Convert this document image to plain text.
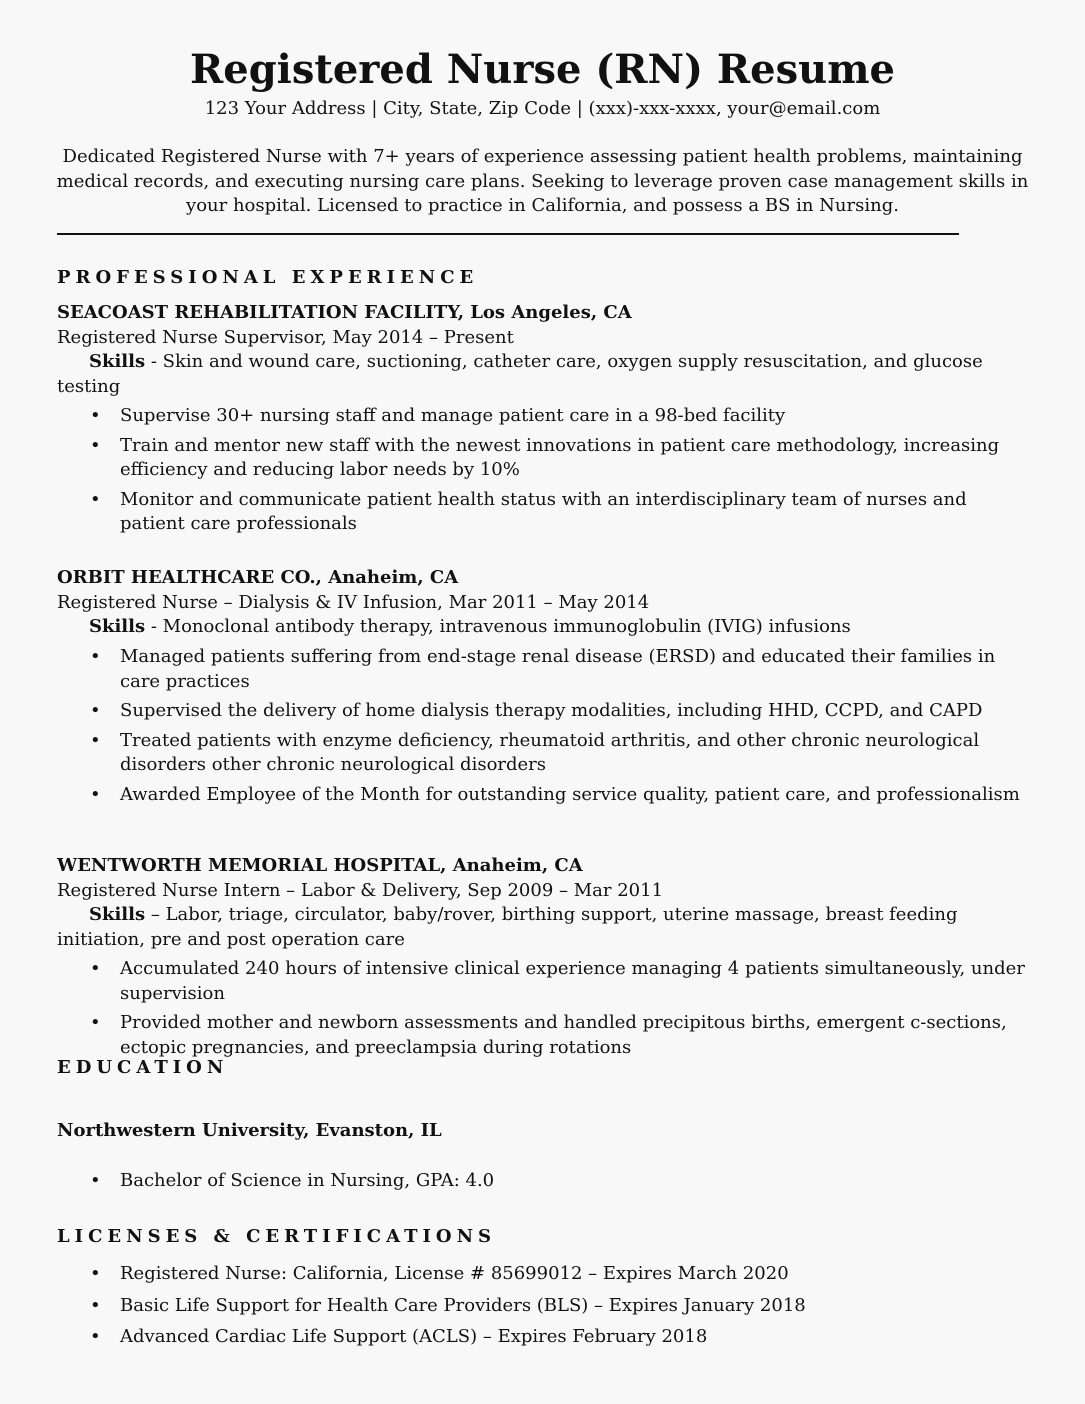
Registered Nurse (RN) Resume
123 Your Address | City, State, Zip Code | (xxx)-xxx-xxxx, your@email.com
Dedicated Registered Nurse with 7+ years of experience assessing patient health problems, maintaining medical records, and executing nursing care plans. Seeking to leverage proven case management skills in your hospital. Licensed to practice in California, and possess a BS in Nursing.
PROFESSIONAL EXPERIENCE
SEACOAST REHABILITATION FACILITY, Los Angeles, CA
Registered Nurse Supervisor, May 2014 – Present
Skills - Skin and wound care, suctioning, catheter care, oxygen supply resuscitation, and glucose testing
• Supervise 30+ nursing staff and manage patient care in a 98-bed facility
• Train and mentor new staff with the newest innovations in patient care methodology, increasing efficiency and reducing labor needs by 10%
• Monitor and communicate patient health status with an interdisciplinary team of nurses and patient care professionals
ORBIT HEALTHCARE CO., Anaheim, CA
Registered Nurse – Dialysis & IV Infusion, Mar 2011 – May 2014
Skills - Monoclonal antibody therapy, intravenous immunoglobulin (IVIG) infusions
• Managed patients suffering from end-stage renal disease (ERSD) and educated their families in care practices
• Supervised the delivery of home dialysis therapy modalities, including HHD, CCPD, and CAPD
• Treated patients with enzyme deficiency, rheumatoid arthritis, and other chronic neurological disorders other chronic neurological disorders
• Awarded Employee of the Month for outstanding service quality, patient care, and professionalism
WENTWORTH MEMORIAL HOSPITAL, Anaheim, CA
Registered Nurse Intern – Labor & Delivery, Sep 2009 – Mar 2011
Skills – Labor, triage, circulator, baby/rover, birthing support, uterine massage, breast feeding initiation, pre and post operation care
• Accumulated 240 hours of intensive clinical experience managing 4 patients simultaneously, under supervision
• Provided mother and newborn assessments and handled precipitous births, emergent c-sections, ectopic pregnancies, and preeclampsia during rotations
EDUCATION
Northwestern University, Evanston, IL
• Bachelor of Science in Nursing, GPA: 4.0
LICENSES & CERTIFICATIONS
• Registered Nurse: California, License # 85699012 – Expires March 2020
• Basic Life Support for Health Care Providers (BLS) – Expires January 2018
• Advanced Cardiac Life Support (ACLS) – Expires February 2018
